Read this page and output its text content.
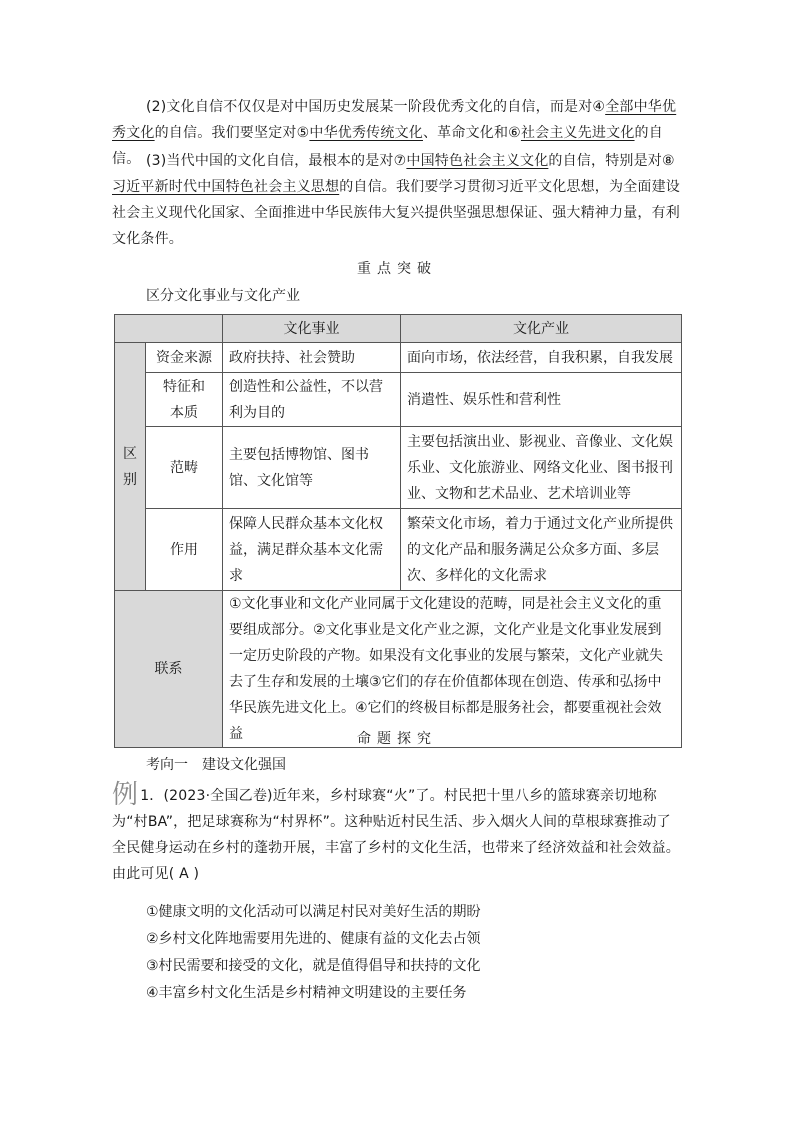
(2)文化自信不仅仅是对中国历史发展某一阶段优秀文化的自信，而是对④全部中华优秀文化的自信。我们要坚定对⑤中华优秀传统文化、革命文化和⑥社会主义先进文化的自信。 (3)当代中国的文化自信，最根本的是对⑦中国特色社会主义文化的自信，特别是对⑧习近平新时代中国特色社会主义思想的自信。我们要学习贯彻习近平文化思想，为全面建设社会主义现代化国家、全面推进中华民族伟大复兴提供坚强思想保证、强大精神力量，有利文化条件。

重点突破

区分文化事业与文化产业

		文化事业	文化产业

区
别	资金来源	政府扶持、社会赞助	面向市场，依法经营，自我积累，自我发展
	特征和本质	创造性和公益性，不以营利为目的	消遣性、娱乐性和营利性
	范畴	主要包括博物馆、图书馆、文化馆等	主要包括演出业、影视业、音像业、文化娱乐业、文化旅游业、网络文化业、图书报刊业、文物和艺术品业、艺术培训业等
	作用	保障人民群众基本文化权益，满足群众基本文化需求	繁荣文化市场，着力于通过文化产业所提供的文化产品和服务满足公众多方面、多层次、多样化的文化需求
联系		①文化事业和文化产业同属于文化建设的范畴，同是社会主义文化的重要组成部分。②文化事业是文化产业之源，文化产业是文化事业发展到一定历史阶段的产物。如果没有文化事业的发展与繁荣，文化产业就失去了生存和发展的土壤③它们的存在价值都体现在创造、传承和弘扬中华民族先进文化上。④它们的终极目标都是服务社会，都要重视社会效益		命题探究

考向一　建设文化强国

例 1．(2023·全国乙卷)近年来，乡村球赛“火”了。村民把十里八乡的篮球赛亲切地称为“村BA”，把足球赛称为“村界杯”。这种贴近村民生活、步入烟火人间的草根球赛推动了全民健身运动在乡村的蓬勃开展，丰富了乡村的文化生活，也带来了经济效益和社会效益。由此可见( A )

①健康文明的文化活动可以满足村民对美好生活的期盼

②乡村文化阵地需要用先进的、健康有益的文化去占领

③村民需要和接受的文化，就是值得倡导和扶持的文化

④丰富乡村文化生活是乡村精神文明建设的主要任务
